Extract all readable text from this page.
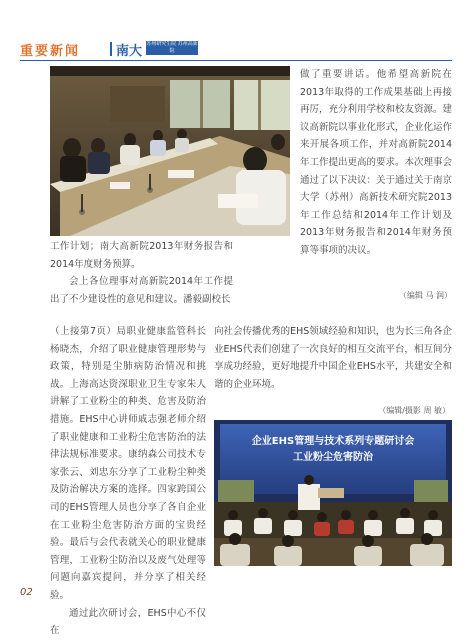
重要新闻	南大 苏州研究生院 苏州高新院

工作计划；南大高新院2013年财务报告和2014年度财务预算。

会上各位理事对高新院2014年工作提出了不少建设性的意见和建议。潘毅副校长

做了重要讲话。他希望高新院在2013年取得的工作成果基础上再接再厉，充分利用学校和校友资源。建议高新院以事业化形式，企业化运作来开展各项工作，并对高新院2014年工作提出更高的要求。本次理事会通过了以下决议：关于通过关于南京大学（苏州）高新技术研究院2013年工作总结和2014年工作计划及2013年财务报告和2014年财务预算等事项的决议。
（编辑 马 润）

（上接第7页）局职业健康监管科长杨晓杰，介绍了职业健康管理形势与政策，特别是尘肺病防治情况和挑战。上海高达资深职业卫生专家朱人讲解了工业粉尘的种类、危害及防治措施。EHS中心讲师戚志强老师介绍了职业健康和工业粉尘危害防治的法律法规标准要求。康纳森公司技术专家张云、刘忠东分享了工业粉尘种类及防治解决方案的选择。四家跨国公司的EHS管理人员也分享了各自企业在工业粉尘危害防治方面的宝贵经验。最后与会代表就关心的职业健康管理，工业粉尘防治以及废气处理等问题向嘉宾提问，并分享了相关经验。

通过此次研讨会，EHS中心不仅在

向社会传播优秀的EHS领域经验和知识，也为长三角各企业EHS代表们创建了一次良好的相互交流平台，相互间分享成功经验，更好地提升中国企业EHS水平，共建安全和谐的企业环境。
（编辑/摄影 周 敏）
企业EHS管理与技术系列专题研讨会
工业粉尘危害防治
02
